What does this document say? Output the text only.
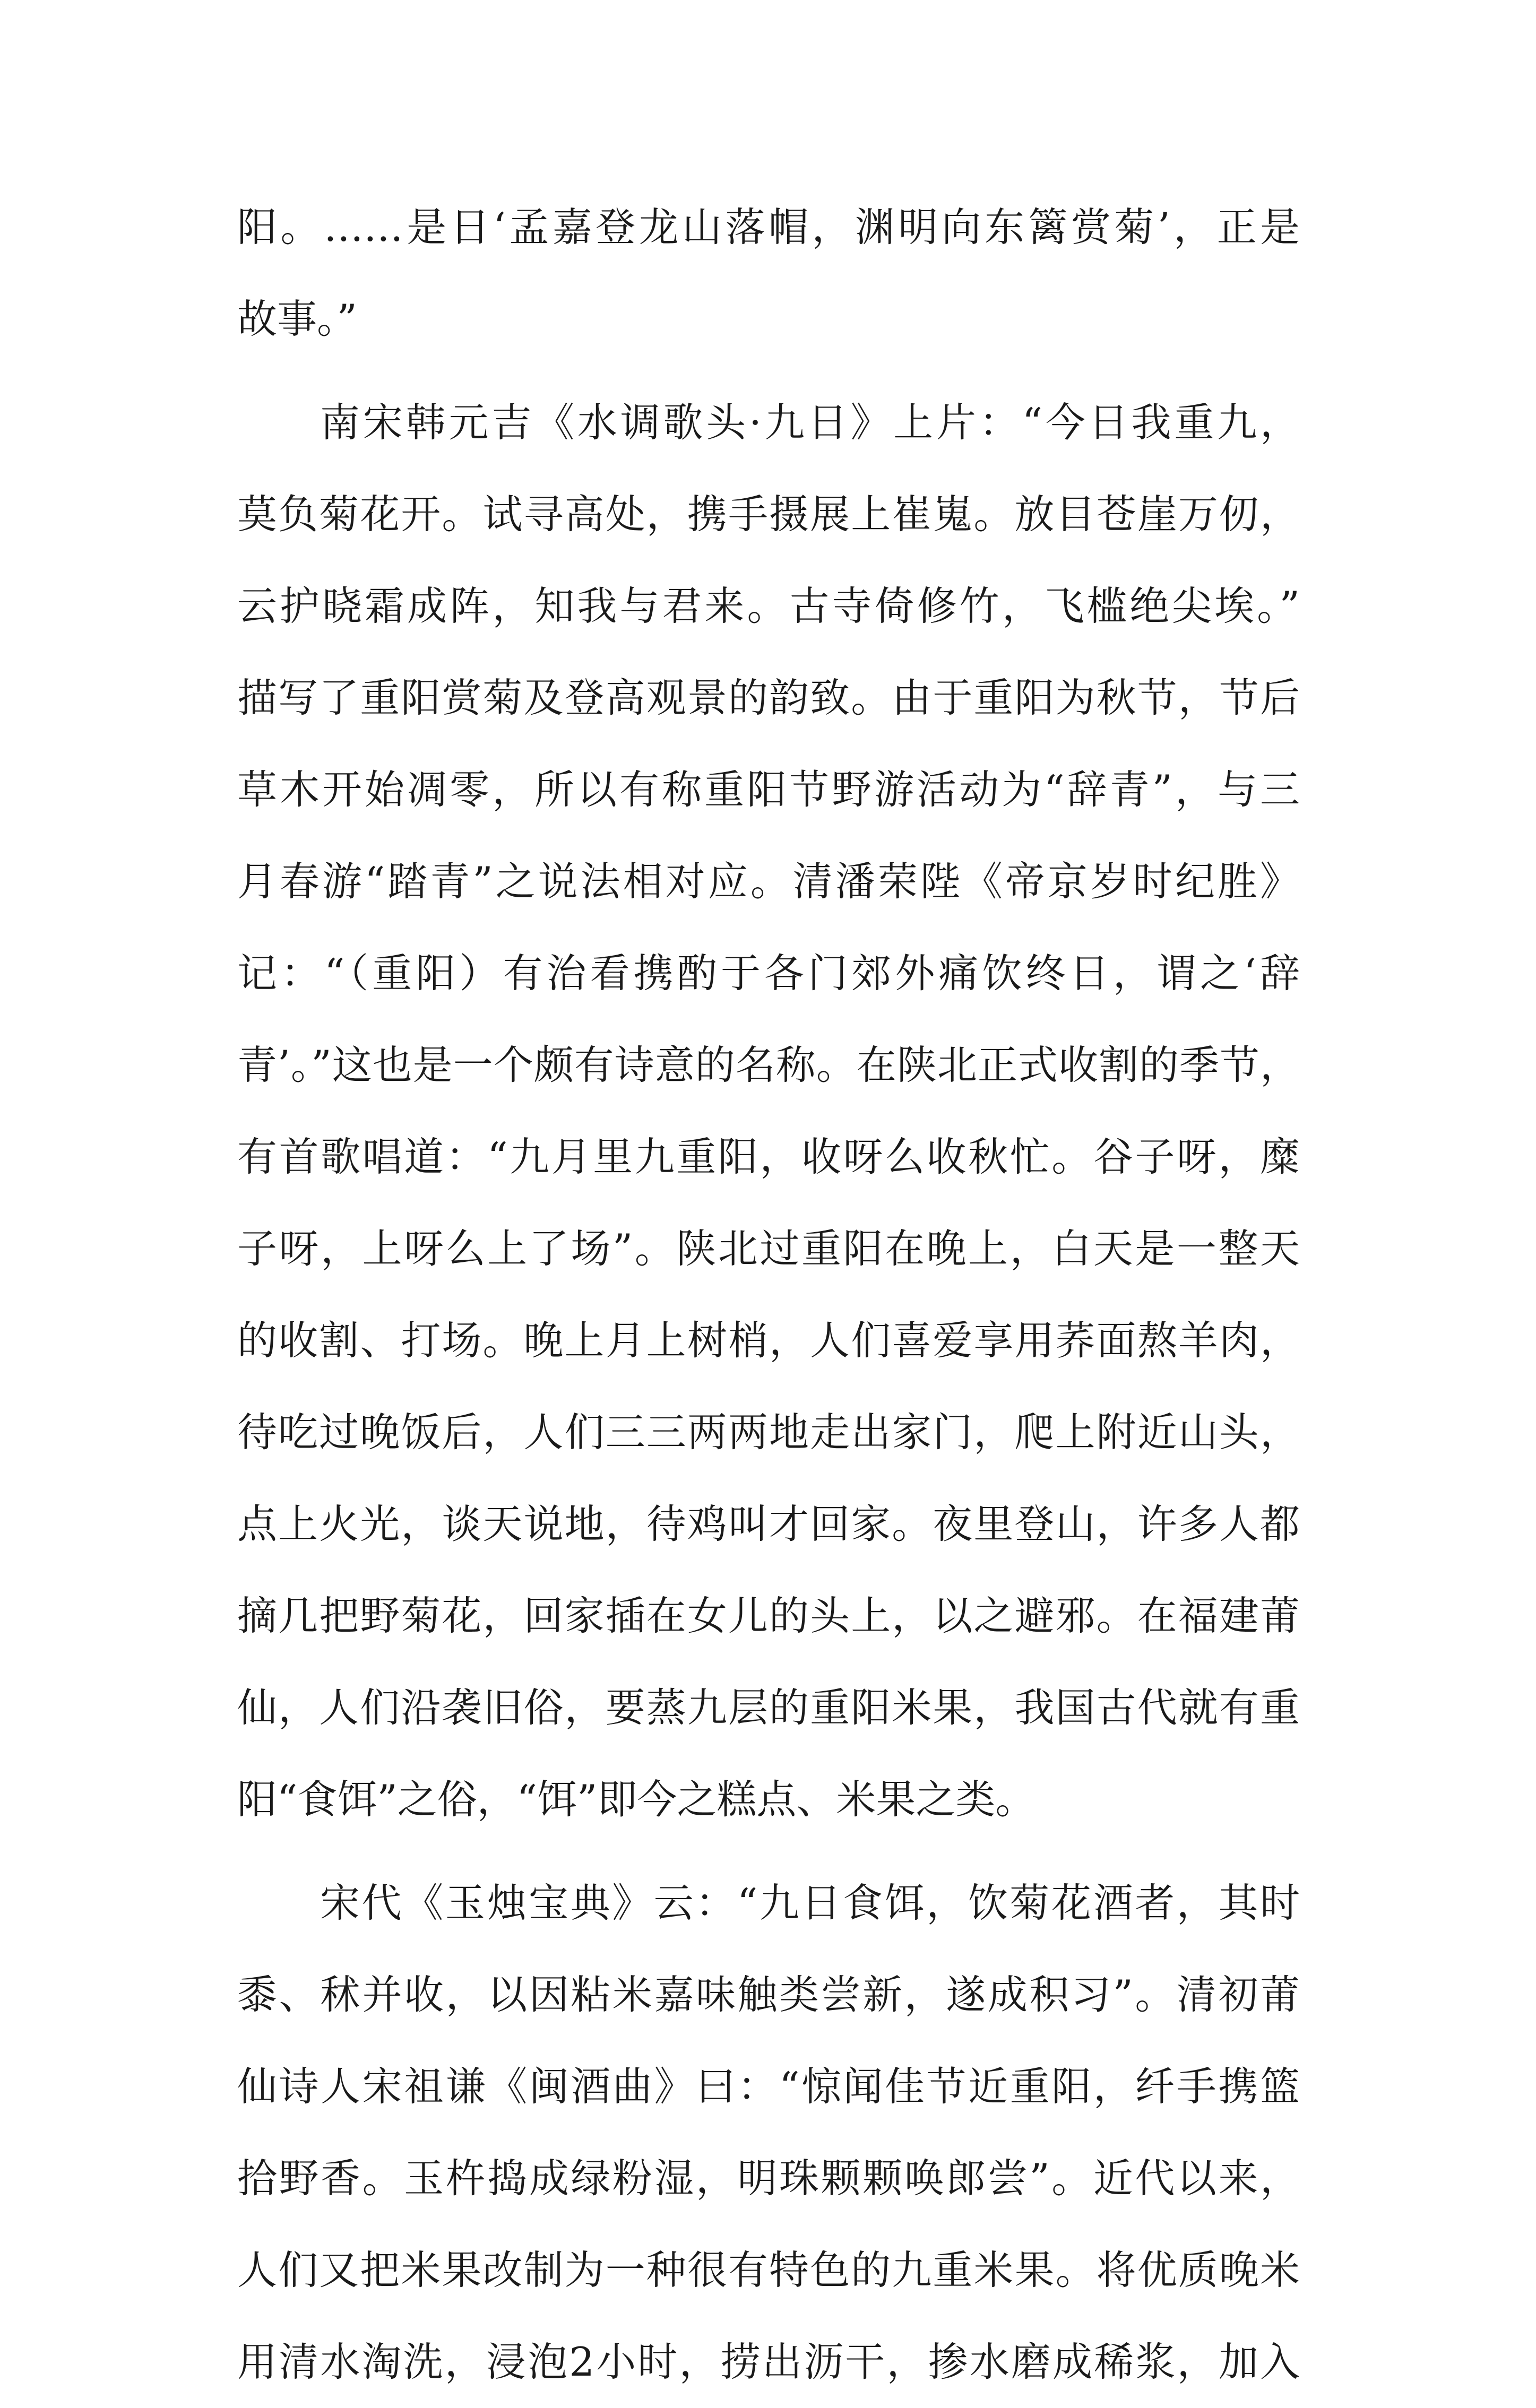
阳。……是日‘孟嘉登龙山落帽，渊明向东篱赏菊’，正是
故事。”
南宋韩元吉《水调歌头·九日》上片：“今日我重九，
莫负菊花开。试寻高处，携手摄展上崔嵬。放目苍崖万仞，
云护晓霜成阵，知我与君来。古寺倚修竹，飞槛绝尖埃。”
描写了重阳赏菊及登高观景的韵致。由于重阳为秋节，节后
草木开始凋零，所以有称重阳节野游活动为“辞青”，与三
月春游“踏青”之说法相对应。清潘荣陛《帝京岁时纪胜》
记：“（重阳）有治看携酌于各门郊外痛饮终日，谓之‘辞
青’。”这也是一个颇有诗意的名称。在陕北正式收割的季节，
有首歌唱道：“九月里九重阳，收呀么收秋忙。谷子呀，糜
子呀，上呀么上了场”。陕北过重阳在晚上，白天是一整天
的收割、打场。晚上月上树梢，人们喜爱享用荞面熬羊肉，
待吃过晚饭后，人们三三两两地走出家门，爬上附近山头，
点上火光，谈天说地，待鸡叫才回家。夜里登山，许多人都
摘几把野菊花，回家插在女儿的头上，以之避邪。在福建莆
仙，人们沿袭旧俗，要蒸九层的重阳米果，我国古代就有重
阳“食饵”之俗，“饵”即今之糕点、米果之类。
宋代《玉烛宝典》云：“九日食饵，饮菊花酒者，其时
黍、秫并收，以因粘米嘉味触类尝新，遂成积习”。清初莆
仙诗人宋祖谦《闽酒曲》曰：“惊闻佳节近重阳，纤手携篮
拾野香。玉杵捣成绿粉湿，明珠颗颗唤郎尝”。近代以来，
人们又把米果改制为一种很有特色的九重米果。将优质晚米
用清水淘洗，浸泡2小时，捞出沥干，掺水磨成稀浆，加入
